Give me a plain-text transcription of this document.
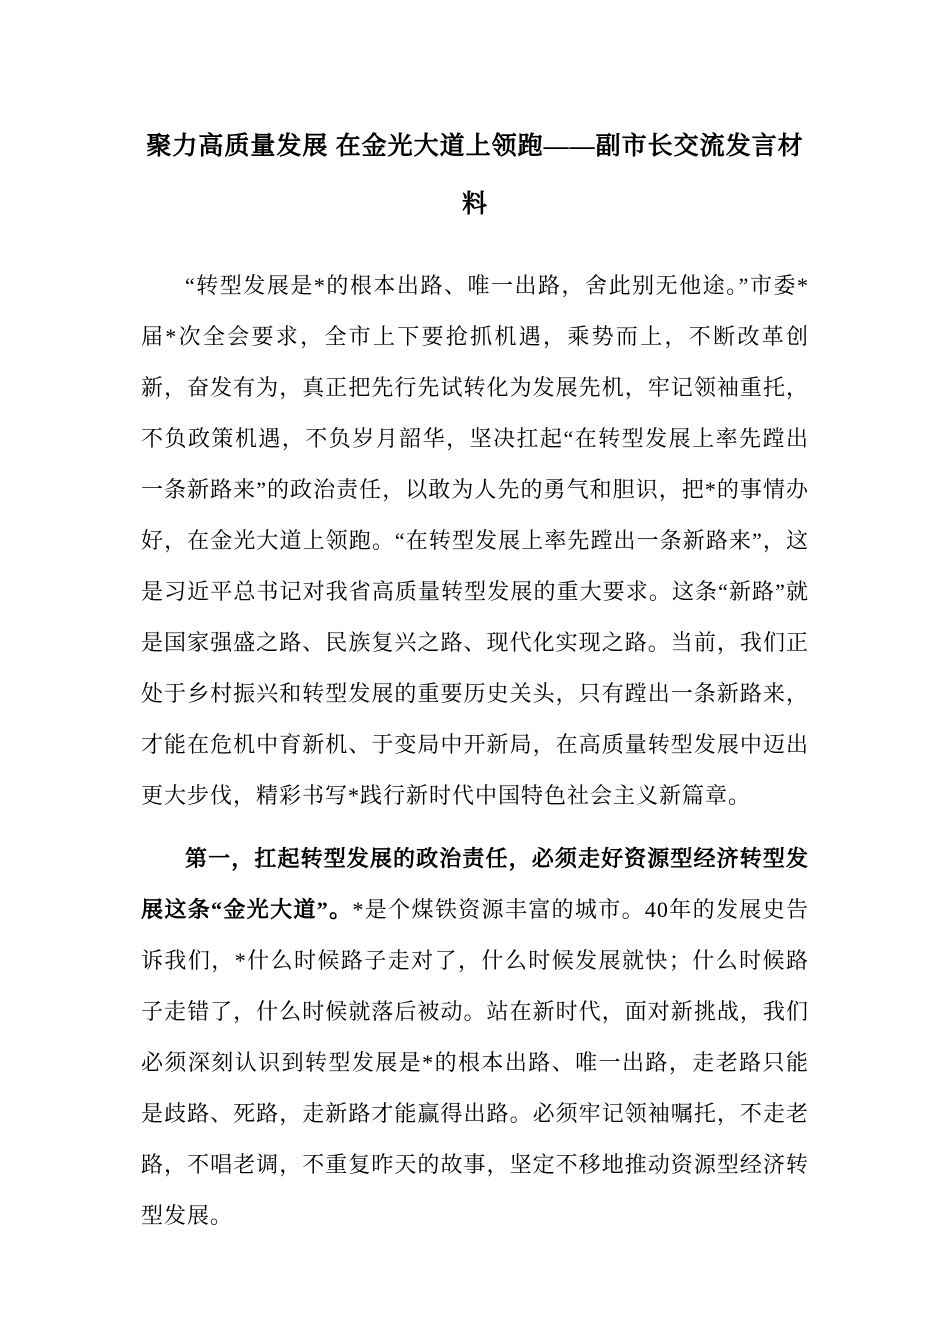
聚力高质量发展 在金光大道上领跑——副市长交流发言材料

“转型发展是*的根本出路、唯一出路，舍此别无他途。”市委*届*次全会要求，全市上下要抢抓机遇，乘势而上，不断改革创新，奋发有为，真正把先行先试转化为发展先机，牢记领袖重托，不负政策机遇，不负岁月韶华，坚决扛起“在转型发展上率先蹚出一条新路来”的政治责任，以敢为人先的勇气和胆识，把*的事情办好，在金光大道上领跑。“在转型发展上率先蹚出一条新路来”，这是习近平总书记对我省高质量转型发展的重大要求。这条“新路”就是国家强盛之路、民族复兴之路、现代化实现之路。当前，我们正处于乡村振兴和转型发展的重要历史关头，只有蹚出一条新路来，才能在危机中育新机、于变局中开新局，在高质量转型发展中迈出更大步伐，精彩书写*践行新时代中国特色社会主义新篇章。

第一，扛起转型发展的政治责任，必须走好资源型经济转型发展这条“金光大道”。*是个煤铁资源丰富的城市。40年的发展史告诉我们，*什么时候路子走对了，什么时候发展就快；什么时候路子走错了，什么时候就落后被动。站在新时代，面对新挑战，我们必须深刻认识到转型发展是*的根本出路、唯一出路，走老路只能是歧路、死路，走新路才能赢得出路。必须牢记领袖嘱托，不走老路，不唱老调，不重复昨天的故事，坚定不移地推动资源型经济转型发展。
